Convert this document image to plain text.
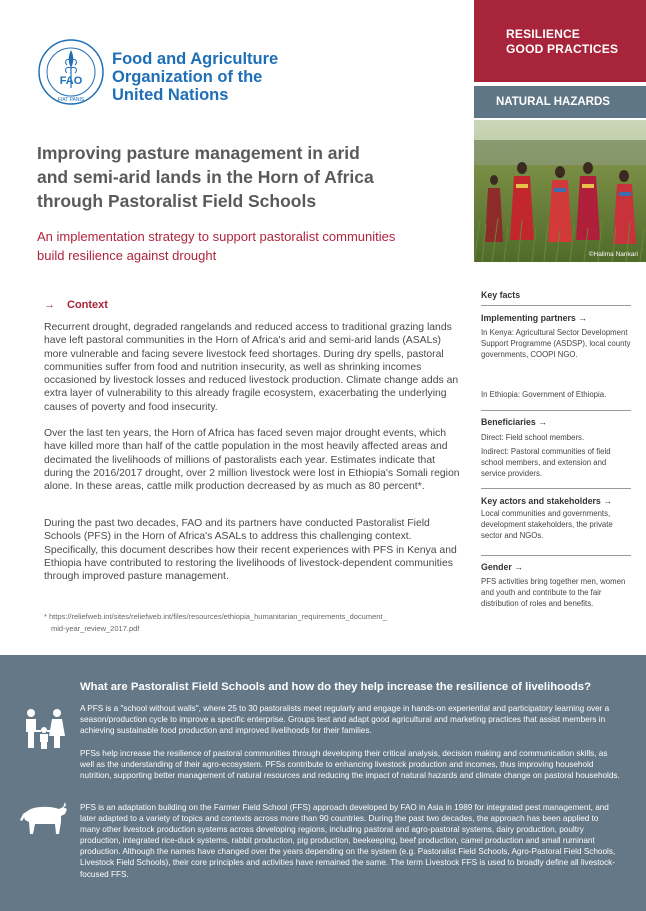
FAO
FIAT PANIS
Food and Agriculture
Organization of the
United Nations
RESILIENCE
GOOD PRACTICES
NATURAL HAZARDS
©Halima Nankari
Improving pasture management in arid
and semi-arid lands in the Horn of Africa
through Pastoralist Field Schools
An implementation strategy to support pastoralist communities
build resilience against drought
→ Context
Recurrent drought, degraded rangelands and reduced access to traditional grazing lands have left pastoral communities in the Horn of Africa's arid and semi-arid lands (ASALs) more vulnerable and facing severe livestock feed shortages. During dry spells, pastoral communities suffer from food and nutrition insecurity, as well as shrinking incomes occasioned by livestock losses and reduced livestock production. Climate change adds an extra layer of vulnerability to this already fragile ecosystem, exacerbating the underlying causes of poverty and food insecurity.
Over the last ten years, the Horn of Africa has faced seven major drought events, which have killed more than half of the cattle population in the most heavily affected areas and decimated the livelihoods of millions of pastoralists each year. Estimates indicate that during the 2016/2017 drought, over 2 million livestock were lost in Ethiopia's Somali region alone. In these areas, cattle milk production decreased by as much as 80 percent*.
During the past two decades, FAO and its partners have conducted Pastoralist Field Schools (PFS) in the Horn of Africa's ASALs to address this challenging context. Specifically, this document describes how their recent experiences with PFS in Kenya and Ethiopia have contributed to restoring the livelihoods of livestock-dependent communities through improved pasture management.
* https://reliefweb.int/sites/reliefweb.int/files/resources/ethiopia_humanitarian_requirements_document_
mid-year_review_2017.pdf
Key facts
Implementing partners →
In Kenya: Agricultural Sector Development Support Programme (ASDSP), local county governments, COOPI NGO.
In Ethiopia: Government of Ethiopia.
Beneficiaries →
Direct: Field school members.
Indirect: Pastoral communities of field school members, and extension and service providers.
Key actors and stakeholders →
Local communities and governments, development stakeholders, the private sector and NGOs.
Gender →
PFS activities bring together men, women and youth and contribute to the fair distribution of roles and benefits.
What are Pastoralist Field Schools and how do they help increase the resilience of livelihoods?
A PFS is a "school without walls", where 25 to 30 pastoralists meet regularly and engage in hands-on experiential and participatory learning over a season/production cycle to improve a specific enterprise. Groups test and adapt good agricultural and marketing practices that assist members in achieving sustainable food production and improved livelihoods for their families.
PFSs help increase the resilience of pastoral communities through developing their critical analysis, decision making and communication skills, as well as the understanding of their agro-ecosystem. PFSs contribute to enhancing livestock production and incomes, thus improving household nutrition, supporting better management of natural resources and reducing the impact of natural hazards and climate change on pastoral households.
PFS is an adaptation building on the Farmer Field School (FFS) approach developed by FAO in Asia in 1989 for integrated pest management, and later adapted to a variety of topics and contexts across more than 90 countries. During the past two decades, the approach has been applied to many other livestock production systems across developing regions, including pastoral and agro-pastoral systems, dairy production, poultry production, integrated rice-duck systems, rabbit production, pig production, beekeeping, beef production, camel production and small ruminant production. Although the names have changed over the years depending on the system (e.g. Pastoralist Field Schools, Agro-Pastoral Field Schools, Livestock Field Schools), their core principles and activities have remained the same. The term Livestock FFS is used to broadly define all livestock-focused FFS.
